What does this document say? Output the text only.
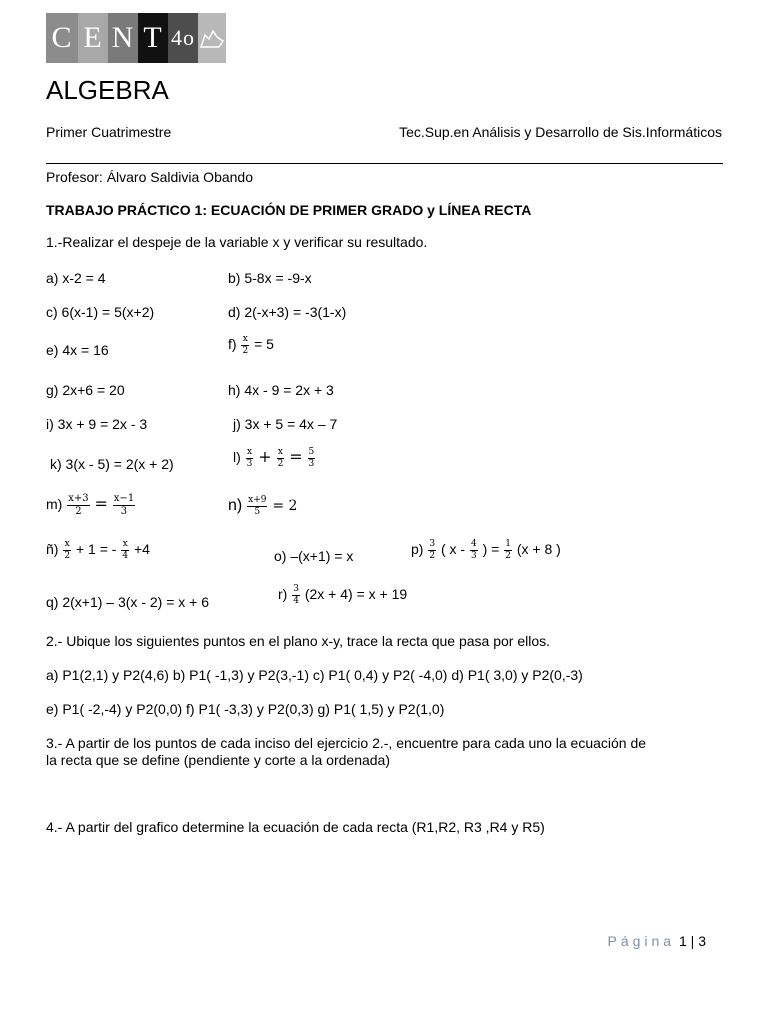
C E N T 4o
ALGEBRA
Primer Cuatrimestre	Tec.Sup.en Análisis y Desarrollo de Sis.Informáticos
Profesor: Álvaro Saldivia Obando
TRABAJO PRÁCTICO 1: ECUACIÓN DE PRIMER GRADO y LÍNEA RECTA
1.-Realizar el despeje de la variable x y verificar su resultado.
a) x-2 = 4	b) 5-8x = -9-x
c) 6(x-1) = 5(x+2)	d) 2(-x+3) = -3(1-x)
e) 4x = 16	$f) \frac{x}{2} = 5$
g) 2x+6 = 20	h) 4x - 9 = 2x + 3
i) 3x + 9 = 2x - 3	j) 3x + 5 = 4x – 7
k) 3(x - 5) = 2(x + 2)	$l) \frac{x}{3} + \frac{x}{2} = \frac{5}{3}$
$m) \frac{x+3}{2} = \frac{x-1}{3}$	$n) \frac{x+9}{5} = 2$
ñ) $\frac{x}{2} + 1$ = - $\frac{x}{4} +4$	o) –(x+1) = x	$p) \frac{3}{2}$ ( x - $\frac{4}{3}$ ) = $\frac{1}{2} (x + 8$ )
q) 2(x+1) – 3(x - 2) = x + 6	$r) \frac{3}{4} (2x + 4) = x + 19$
2.- Ubique los siguientes puntos en el plano x-y, trace la recta que pasa por ellos.
a) P1(2,1) y P2(4,6) b) P1( -1,3) y P2(3,-1) c) P1( 0,4) y P2( -4,0) d) P1( 3,0) y P2(0,-3)
e) P1( -2,-4) y P2(0,0) f) P1( -3,3) y P2(0,3) g) P1( 1,5) y P2(1,0)
3.- A partir de los puntos de cada inciso del ejercicio 2.-, encuentre para cada uno la ecuación de
la recta que se define (pendiente y corte a la ordenada)
4.- A partir del grafico determine la ecuación de cada recta (R1,R2, R3 ,R4 y R5)
Página 1 | 3
